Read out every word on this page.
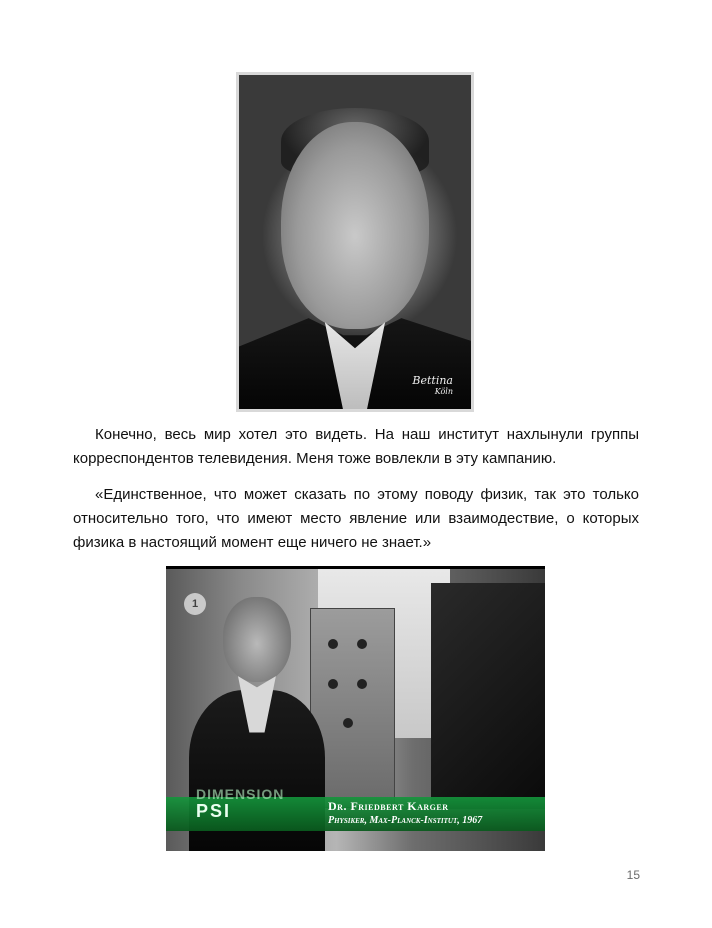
Bettina
Köln

Конечно, весь мир хотел это видеть. На наш институт нахлынули группы корреспондентов телевидения. Меня тоже вовлекли в эту кампанию.

«Единственное, что может сказать по этому поводу физик, так это только относительно того, что имеют место явление или взаимодествие, о которых физика в настоящий момент еще ничего не знает.»

1
DIMENSION
PSI	Dr. Friedbert Karger
Physiker, Max-Planck-Institut, 1967
15
